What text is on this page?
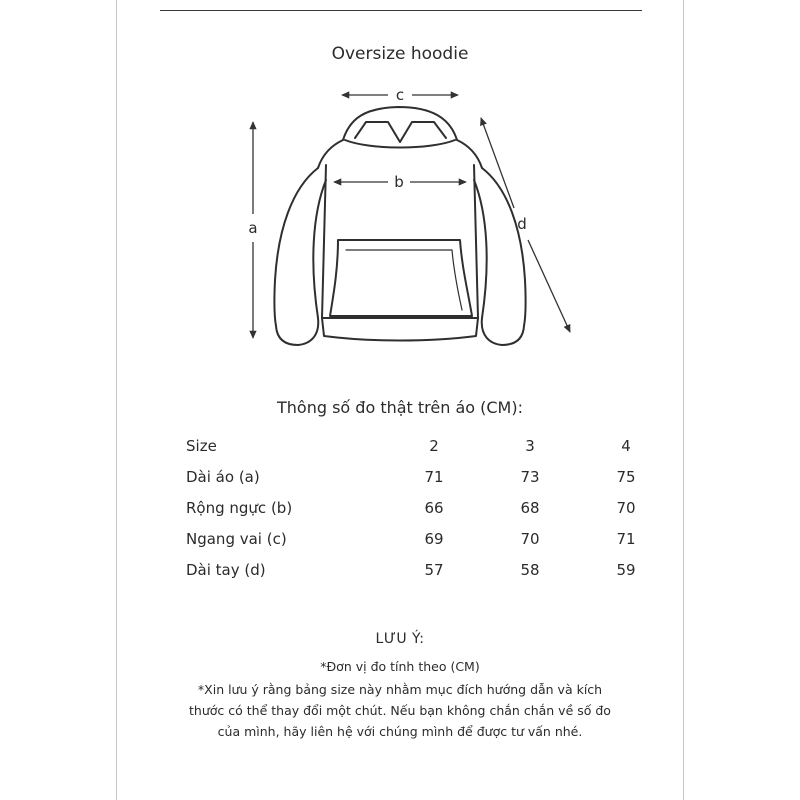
Oversize hoodie
c
b
a	d
Thông số đo thật trên áo (CM):
Size	2	3	4
Dài áo (a)	71	73	75
Rộng ngực (b)	66	68	70
Ngang vai (c)	69	70	71
Dài tay (d)	57	58	59
LƯU Ý:
*Đơn vị đo tính theo (CM)
*Xin lưu ý rằng bảng size này nhằm mục đích hướng dẫn và kích
thước có thể thay đổi một chút. Nếu bạn không chắn chắn về số đo
của mình, hãy liên hệ với chúng mình để được tư vấn nhé.
